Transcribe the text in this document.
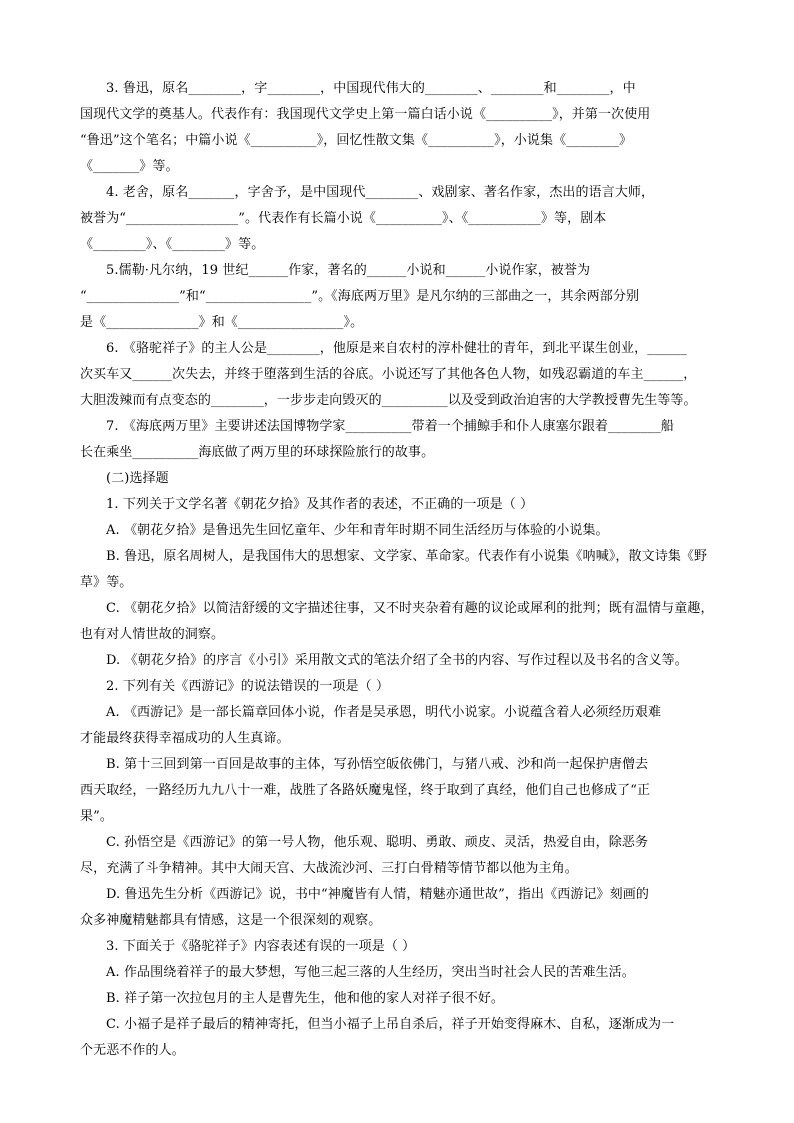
3. 鲁迅，原名________，字________，中国现代伟大的________、________和________，中
国现代文学的奠基人。代表作有：我国现代文学史上第一篇白话小说《__________》，并第一次使用
“鲁迅”这个笔名；中篇小说《__________》，回忆性散文集《__________》，小说集《________》
《_______》等。
4. 老舍，原名_______，字舍予，是中国现代________、戏剧家、著名作家，杰出的语言大师，
被誉为“_________________”。代表作有长篇小说《__________》、《___________》等，剧本
《________》、《________》等。
5.儒勒·凡尔纳，19 世纪______作家，著名的______小说和______小说作家，被誉为
“______________”和“________________”。《海底两万里》是凡尔纳的三部曲之一，其余两部分别
是《______________》和《________________》。
6. 《骆驼祥子》的主人公是________，他原是来自农村的淳朴健壮的青年，到北平谋生创业，______
次买车又______次失去，并终于堕落到生活的谷底。小说还写了其他各色人物，如残忍霸道的车主______，
大胆泼辣而有点变态的________，一步步走向毁灭的__________以及受到政治迫害的大学教授曹先生等等。
7. 《海底两万里》主要讲述法国博物学家__________带着一个捕鲸手和仆人康塞尔跟着________船
长在乘坐__________海底做了两万里的环球探险旅行的故事。
(二)选择题
1. 下列关于文学名著《朝花夕拾》及其作者的表述，不正确的一项是（ ）
A. 《朝花夕拾》是鲁迅先生回忆童年、少年和青年时期不同生活经历与体验的小说集。
B. 鲁迅，原名周树人，是我国伟大的思想家、文学家、革命家。代表作有小说集《呐喊》，散文诗集《野
草》等。
C. 《朝花夕拾》以简洁舒缓的文字描述往事，又不时夹杂着有趣的议论或犀利的批判；既有温情与童趣，
也有对人情世故的洞察。
D. 《朝花夕拾》的序言《小引》采用散文式的笔法介绍了全书的内容、写作过程以及书名的含义等。
2. 下列有关《西游记》的说法错误的一项是（ ）
A. 《西游记》是一部长篇章回体小说，作者是吴承恩，明代小说家。小说蕴含着人必须经历艰难
才能最终获得幸福成功的人生真谛。
B. 第十三回到第一百回是故事的主体，写孙悟空皈依佛门，与猪八戒、沙和尚一起保护唐僧去
西天取经，一路经历九九八十一难，战胜了各路妖魔鬼怪，终于取到了真经，他们自己也修成了“正
果”。
C. 孙悟空是《西游记》的第一号人物，他乐观、聪明、勇敢、顽皮、灵活，热爱自由，除恶务
尽，充满了斗争精神。其中大闹天宫、大战流沙河、三打白骨精等情节都以他为主角。
D. 鲁迅先生分析《西游记》说，书中“神魔皆有人情，精魅亦通世故”，指出《西游记》刻画的
众多神魔精魅都具有情感，这是一个很深刻的观察。
3. 下面关于《骆驼祥子》内容表述有误的一项是（ ）
A. 作品围绕着祥子的最大梦想，写他三起三落的人生经历，突出当时社会人民的苦难生活。
B. 祥子第一次拉包月的主人是曹先生，他和他的家人对祥子很不好。
C. 小福子是祥子最后的精神寄托，但当小福子上吊自杀后，祥子开始变得麻木、自私，逐渐成为一
个无恶不作的人。
